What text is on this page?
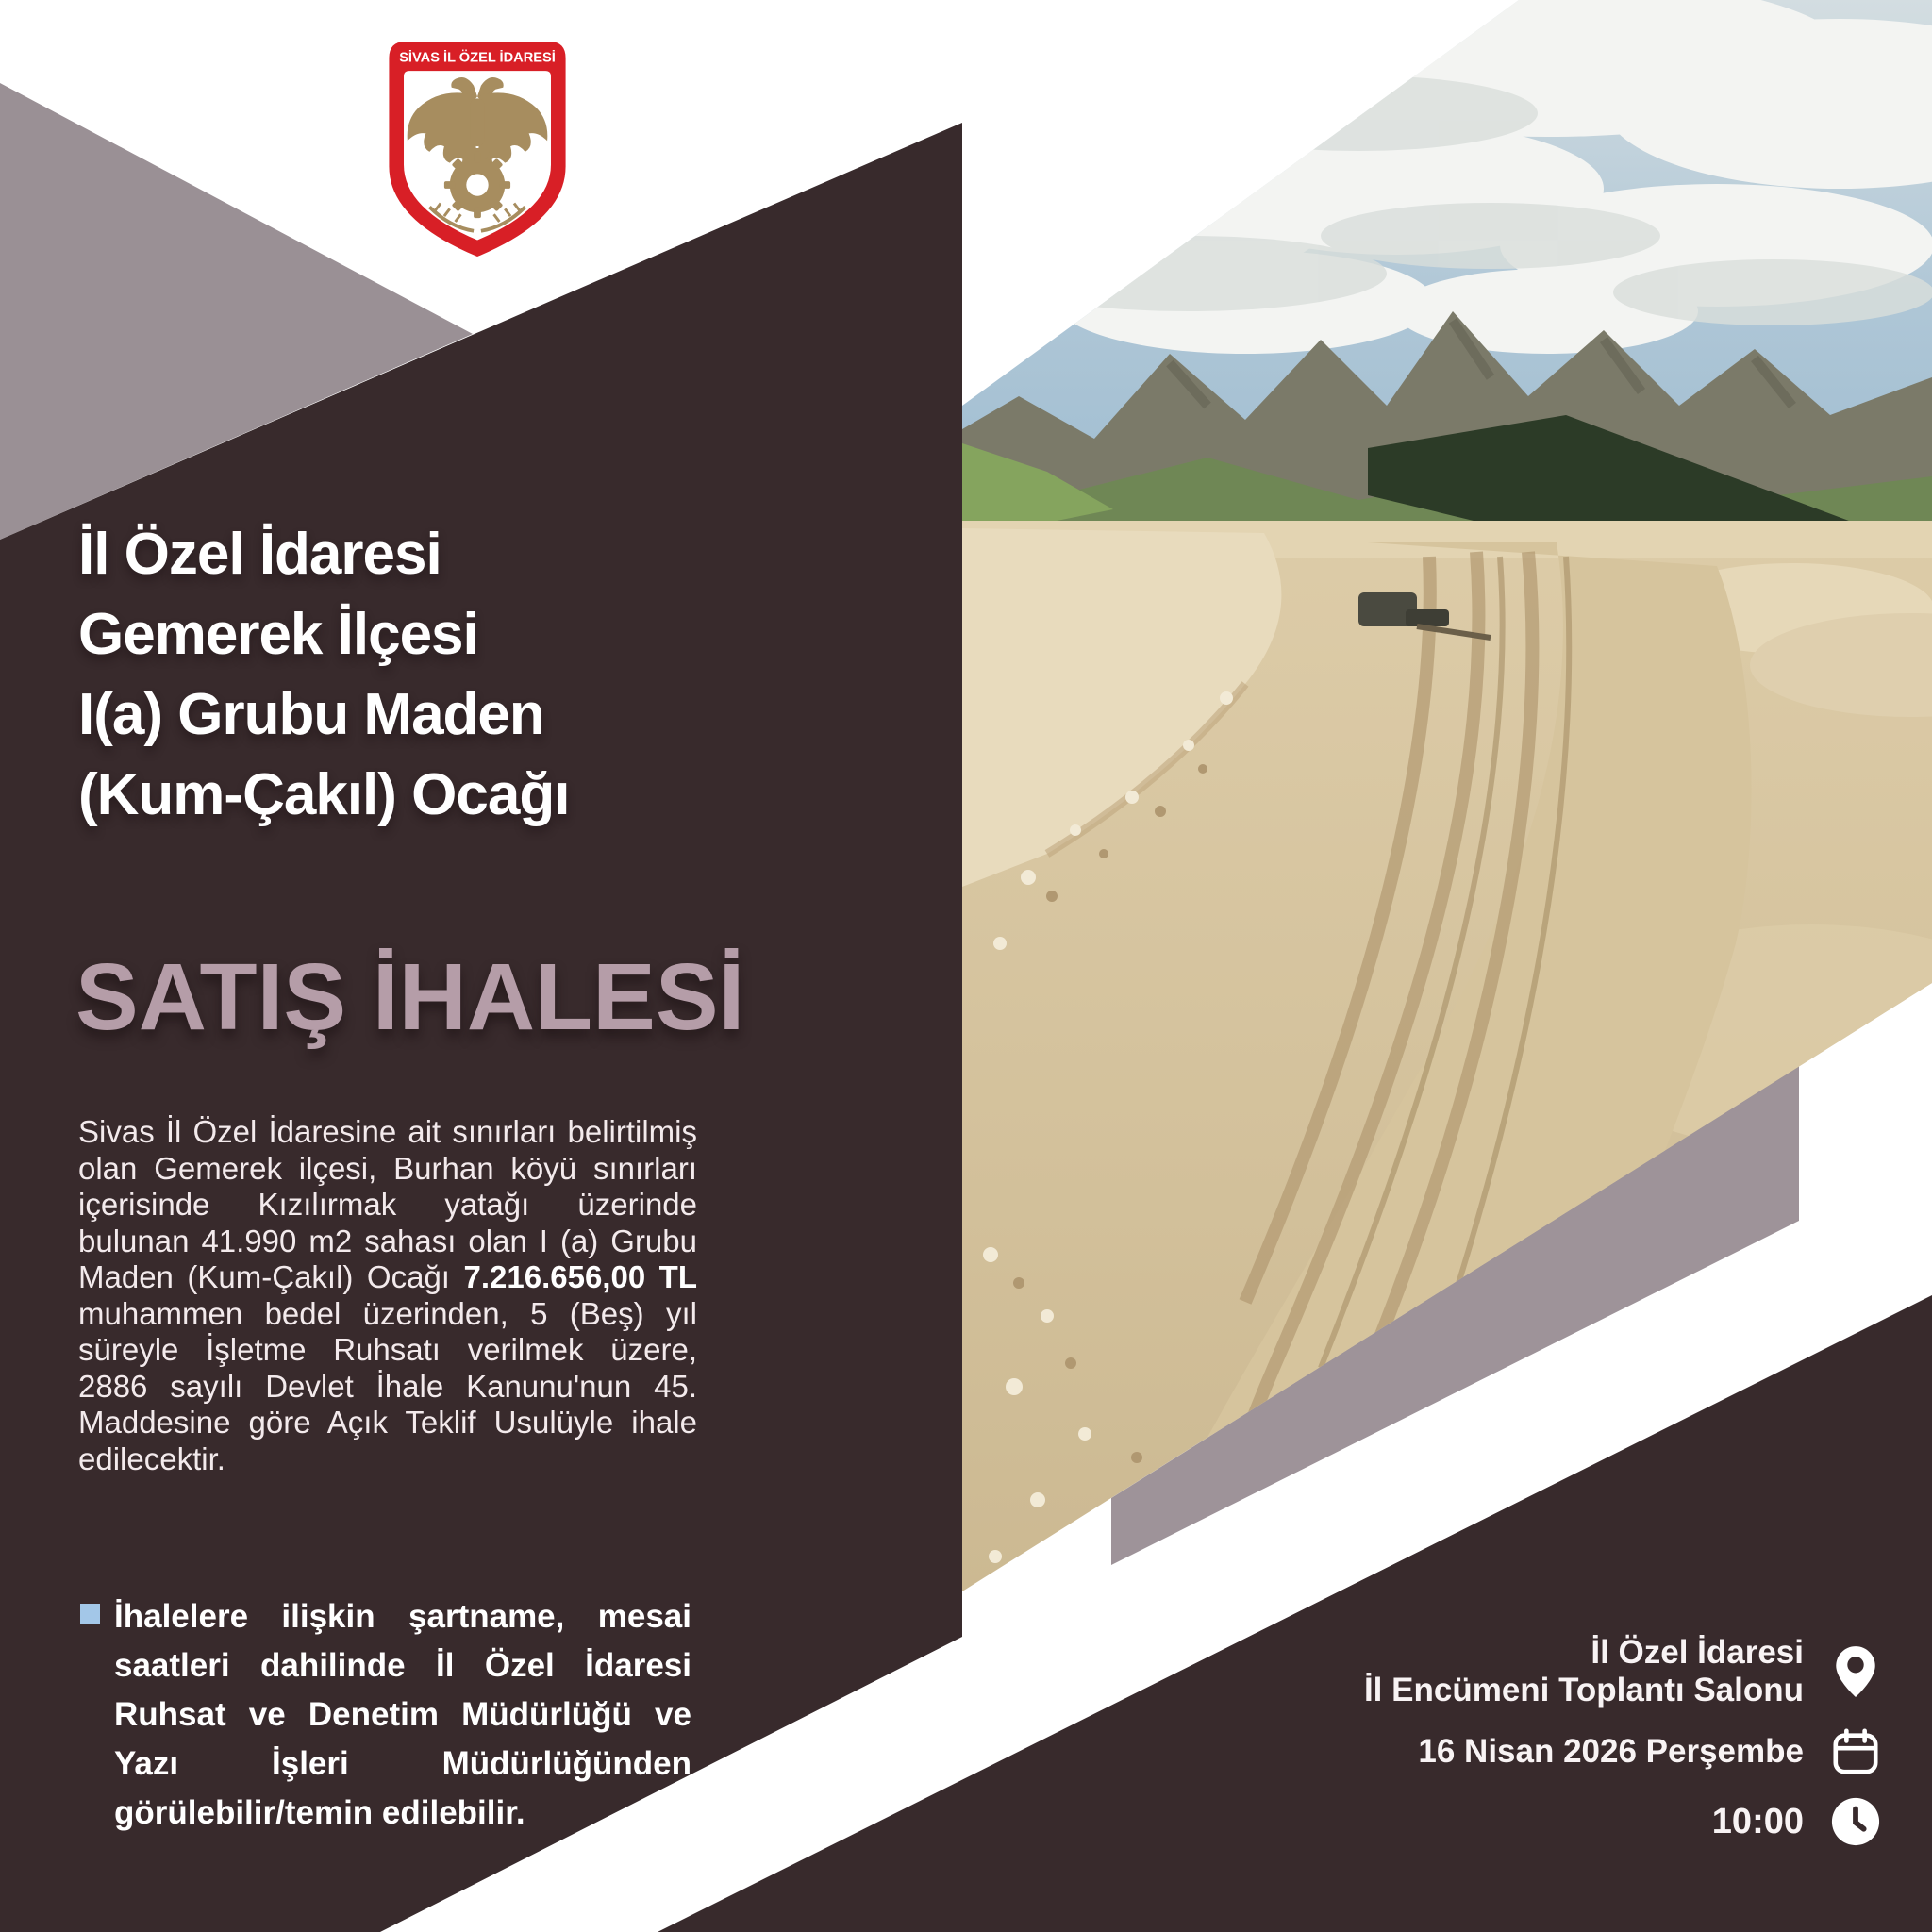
SİVAS İL ÖZEL İDARESİ
İl Özel İdaresi
Gemerek İlçesi
I(a) Grubu Maden
(Kum-Çakıl) Ocağı
SATIŞ İHALESİ

Sivas İl Özel İdaresine ait sınırları belirtilmiş olan Gemerek ilçesi, Burhan köyü sınırları içerisinde Kızılırmak yatağı üzerinde bulunan 41.990 m2 sahası olan I (a) Grubu Maden (Kum-Çakıl) Ocağı 7.216.656,00 TL muhammen bedel üzerinden, 5 (Beş) yıl süreyle İşletme Ruhsatı verilmek üzere, 2886 sayılı Devlet İhale Kanunu'nun 45. Maddesine göre Açık Teklif Usulüyle ihale edilecektir.

İhalelere ilişkin şartname, mesai saatleri dahilinde İl Özel İdaresi Ruhsat ve Denetim Müdürlüğü ve Yazı İşleri Müdürlüğünden görülebilir/temin edilebilir.
İl Özel İdaresi
İl Encümeni Toplantı Salonu
16 Nisan 2026 Perşembe
10:00
